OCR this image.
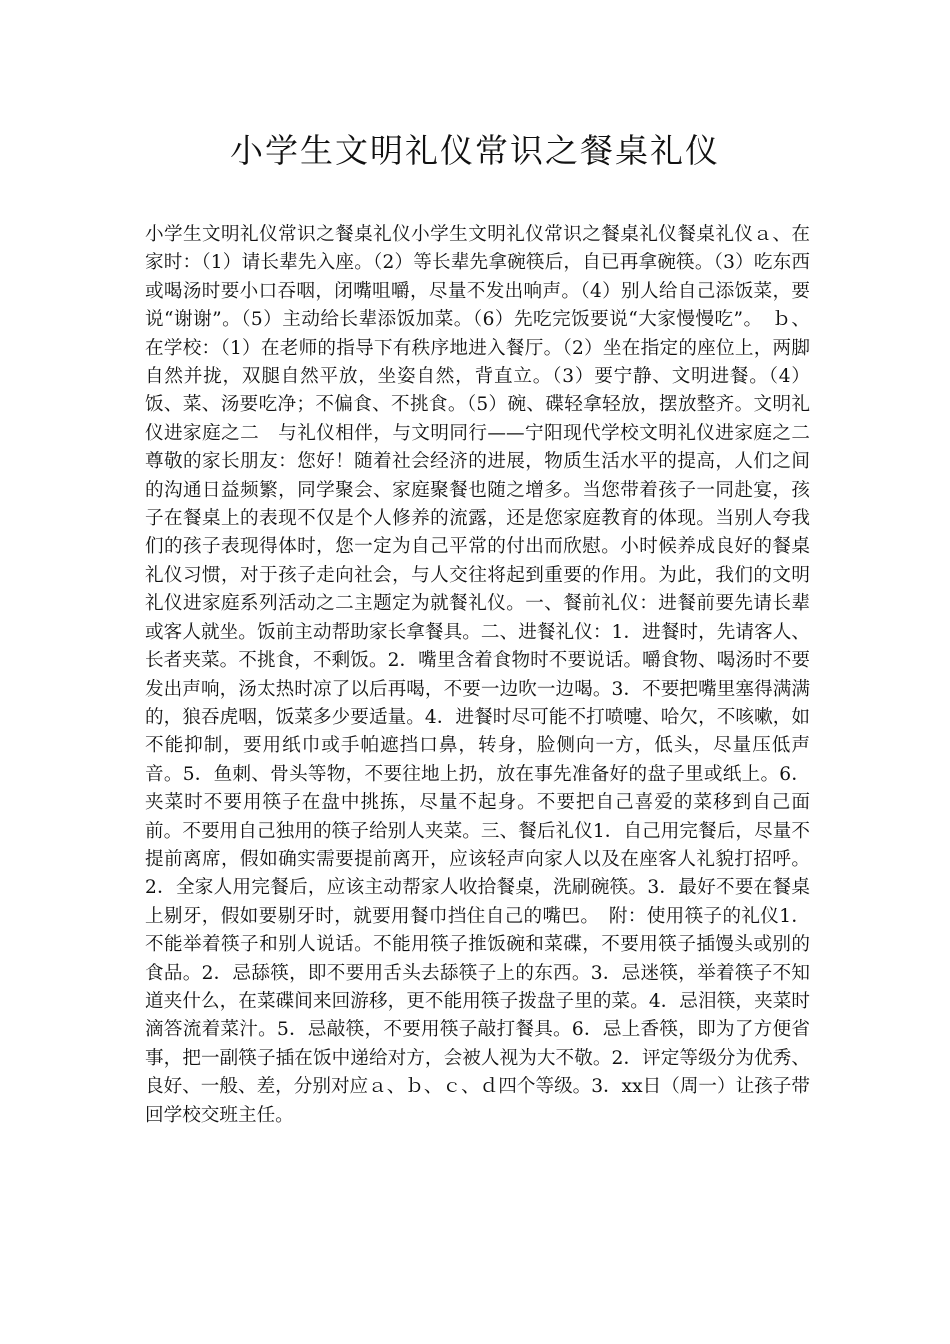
小学生文明礼仪常识之餐桌礼仪

小学生文明礼仪常识之餐桌礼仪小学生文明礼仪常识之餐桌礼仪餐桌礼仪ａ、在家时：（1）请长辈先入座。（2）等长辈先拿碗筷后，自已再拿碗筷。（3）吃东西或喝汤时要小口吞咽，闭嘴咀嚼，尽量不发出响声。（4）别人给自己添饭菜，要说“谢谢”。（5）主动给长辈添饭加菜。（6）先吃完饭要说“大家慢慢吃”。　ｂ、在学校：（1）在老师的指导下有秩序地进入餐厅。（2）坐在指定的座位上，两脚自然并拢，双腿自然平放，坐姿自然，背直立。（3）要宁静、文明进餐。（4）饭、菜、汤要吃净；不偏食、不挑食。（5）碗、碟轻拿轻放，摆放整齐。文明礼仪进家庭之二　与礼仪相伴，与文明同行——宁阳现代学校文明礼仪进家庭之二尊敬的家长朋友：您好！随着社会经济的进展，物质生活水平的提高，人们之间的沟通日益频繁，同学聚会、家庭聚餐也随之增多。当您带着孩子一同赴宴，孩子在餐桌上的表现不仅是个人修养的流露，还是您家庭教育的体现。当别人夸我们的孩子表现得体时，您一定为自己平常的付出而欣慰。小时候养成良好的餐桌礼仪习惯，对于孩子走向社会，与人交往将起到重要的作用。为此，我们的文明礼仪进家庭系列活动之二主题定为就餐礼仪。一、餐前礼仪：进餐前要先请长辈或客人就坐。饭前主动帮助家长拿餐具。二、进餐礼仪：1．进餐时，先请客人、长者夹菜。不挑食，不剩饭。2．嘴里含着食物时不要说话。嚼食物、喝汤时不要发出声响，汤太热时凉了以后再喝，不要一边吹一边喝。3．不要把嘴里塞得满满的，狼吞虎咽，饭菜多少要适量。4．进餐时尽可能不打喷嚏、哈欠，不咳嗽，如不能抑制，要用纸巾或手帕遮挡口鼻，转身，脸侧向一方，低头，尽量压低声音。5．鱼刺、骨头等物，不要往地上扔，放在事先准备好的盘子里或纸上。6．夹菜时不要用筷子在盘中挑拣，尽量不起身。不要把自己喜爱的菜移到自己面前。不要用自己独用的筷子给别人夹菜。三、餐后礼仪1．自己用完餐后，尽量不提前离席，假如确实需要提前离开，应该轻声向家人以及在座客人礼貌打招呼。2．全家人用完餐后，应该主动帮家人收拾餐桌，洗刷碗筷。3．最好不要在餐桌上剔牙，假如要剔牙时，就要用餐巾挡住自己的嘴巴。　附：使用筷子的礼仪1．不能举着筷子和别人说话。不能用筷子推饭碗和菜碟，不要用筷子插馒头或别的食品。2．忌舔筷，即不要用舌头去舔筷子上的东西。3．忌迷筷，举着筷子不知道夹什么，在菜碟间来回游移，更不能用筷子拨盘子里的菜。4．忌泪筷，夹菜时滴答流着菜汁。5．忌敲筷，不要用筷子敲打餐具。6．忌上香筷，即为了方便省事，把一副筷子插在饭中递给对方，会被人视为大不敬。2．评定等级分为优秀、良好、一般、差，分别对应ａ、ｂ、ｃ、ｄ四个等级。3．xx日（周一）让孩子带回学校交班主任。
